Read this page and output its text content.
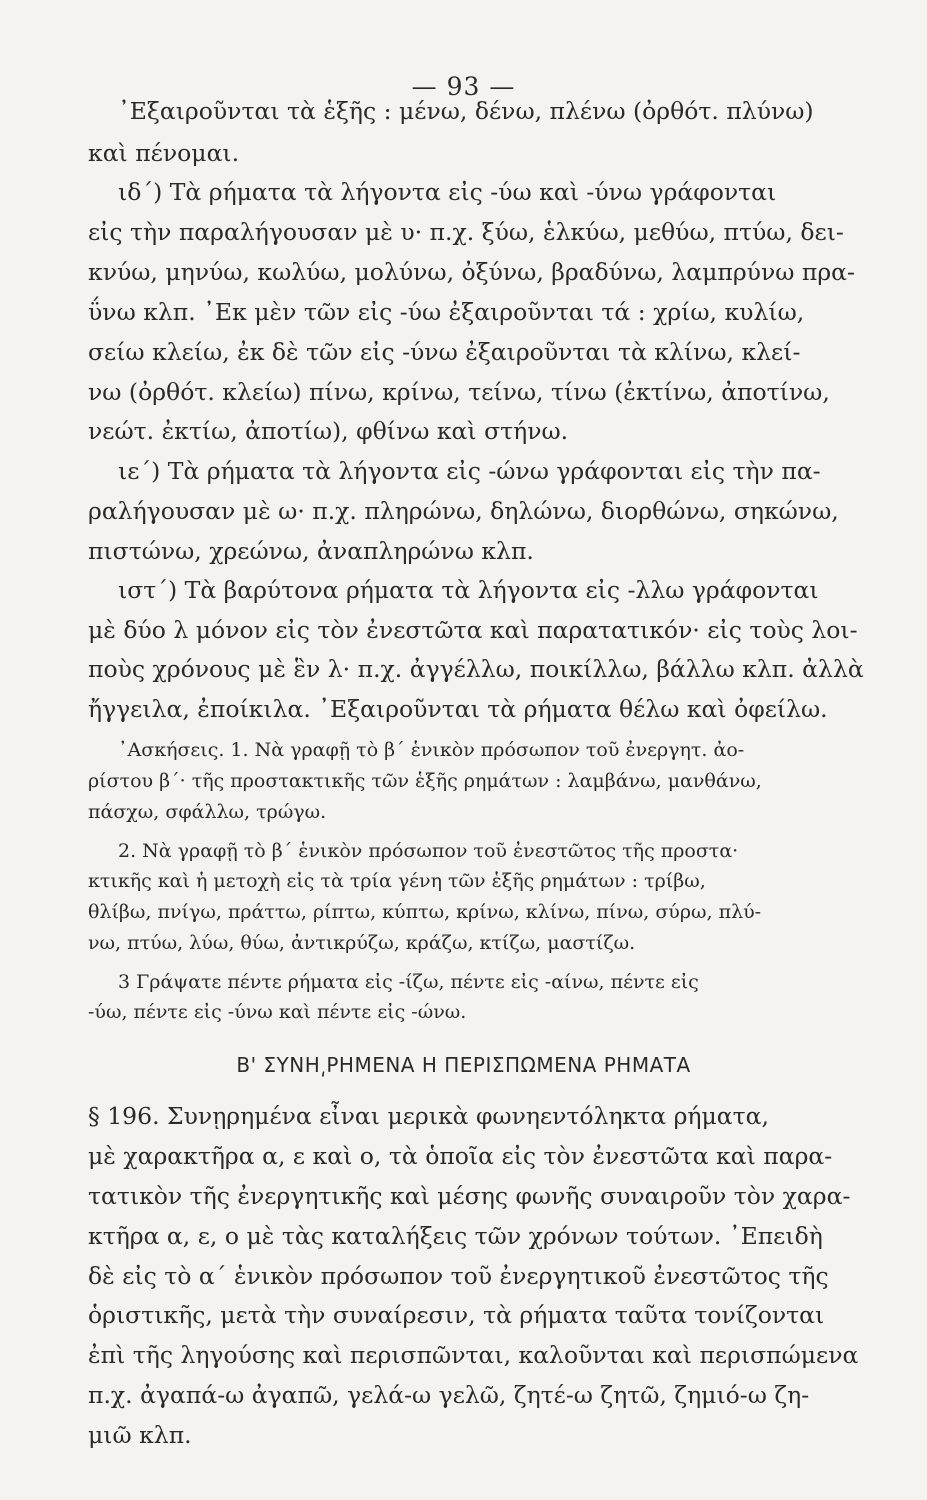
— 93 —
᾿Εξαιροῦνται τὰ ἑξῆς : μένω, δένω, πλένω (ὀρθότ. πλύνω)
καὶ πένομαι.
ιδ΄) Τὰ ρήματα τὰ λήγοντα εἰς -ύω καὶ -ύνω γράφονται
εἰς τὴν παραλήγουσαν μὲ υ· π.χ. ξύω, ἑλκύω, μεθύω, πτύω, δει-
κνύω, μηνύω, κωλύω, μολύνω, ὀξύνω, βραδύνω, λαμπρύνω πρα-
ΰνω κλπ. ᾿Εκ μὲν τῶν εἰς -ύω ἐξαιροῦνται τά : χρίω, κυλίω,
σείω κλείω, ἐκ δὲ τῶν εἰς -ύνω ἐξαιροῦνται τὰ κλίνω, κλεί-
νω (ὀρθότ. κλείω) πίνω, κρίνω, τείνω, τίνω (ἐκτίνω, ἀποτίνω,
νεώτ. ἐκτίω, ἀποτίω), φθίνω καὶ στήνω.
ιε΄) Τὰ ρήματα τὰ λήγοντα εἰς -ώνω γράφονται εἰς τὴν πα-
ραλήγουσαν μὲ ω· π.χ. πληρώνω, δηλώνω, διορθώνω, σηκώνω,
πιστώνω, χρεώνω, ἀναπληρώνω κλπ.
ιστ΄) Τὰ βαρύτονα ρήματα τὰ λήγοντα εἰς -λλω γράφονται
μὲ δύο λ μόνον εἰς τὸν ἐνεστῶτα καὶ παρατατικόν· εἰς τοὺς λοι-
ποὺς χρόνους μὲ ἓν λ· π.χ. ἀγγέλλω, ποικίλλω, βάλλω κλπ. ἀλλὰ
ἤγγειλα, ἐποίκιλα. ᾿Εξαιροῦνται τὰ ρήματα θέλω καὶ ὀφείλω.
᾿Ασκήσεις. 1. Νὰ γραφῇ τὸ β΄ ἑνικὸν πρόσωπον τοῦ ἐνεργητ. ἀο-
ρίστου β΄· τῆς προστακτικῆς τῶν ἑξῆς ρημάτων : λαμβάνω, μανθάνω,
πάσχω, σφάλλω, τρώγω.
2. Νὰ γραφῇ τὸ β΄ ἑνικὸν πρόσωπον τοῦ ἐνεστῶτος τῆς προστα·
κτικῆς καὶ ἡ μετοχὴ εἰς τὰ τρία γένη τῶν ἑξῆς ρημάτων : τρίβω,
θλίβω, πνίγω, πράττω, ρίπτω, κύπτω, κρίνω, κλίνω, πίνω, σύρω, πλύ-
νω, πτύω, λύω, θύω, ἀντικρύζω, κράζω, κτίζω, μαστίζω.
3 Γράψατε πέντε ρήματα εἰς -ίζω, πέντε εἰς -αίνω, πέντε εἰς
-ύω, πέντε εἰς -ύνω καὶ πέντε εἰς -ώνω.
Β' ΣΥΝΗ͵ΡΗΜΕΝΑ Η ΠΕΡΙΣΠΩΜΕΝΑ ΡΗΜΑΤΑ
§ 196. Συνῃρημένα εἶναι μερικὰ φωνηεντόληκτα ρήματα,
μὲ χαρακτῆρα α, ε καὶ ο, τὰ ὁποῖα εἰς τὸν ἐνεστῶτα καὶ παρα-
τατικὸν τῆς ἐνεργητικῆς καὶ μέσης φωνῆς συναιροῦν τὸν χαρα-
κτῆρα α, ε, ο μὲ τὰς καταλήξεις τῶν χρόνων τούτων. ᾿Επειδὴ
δὲ εἰς τὸ α΄ ἑνικὸν πρόσωπον τοῦ ἐνεργητικοῦ ἐνεστῶτος τῆς
ὁριστικῆς, μετὰ τὴν συναίρεσιν, τὰ ρήματα ταῦτα τονίζονται
ἐπὶ τῆς ληγούσης καὶ περισπῶνται, καλοῦνται καὶ περισπώμενα
π.χ. ἀγαπά-ω ἀγαπῶ, γελά-ω γελῶ, ζητέ-ω ζητῶ, ζημιό-ω ζη-
μιῶ κλπ.
